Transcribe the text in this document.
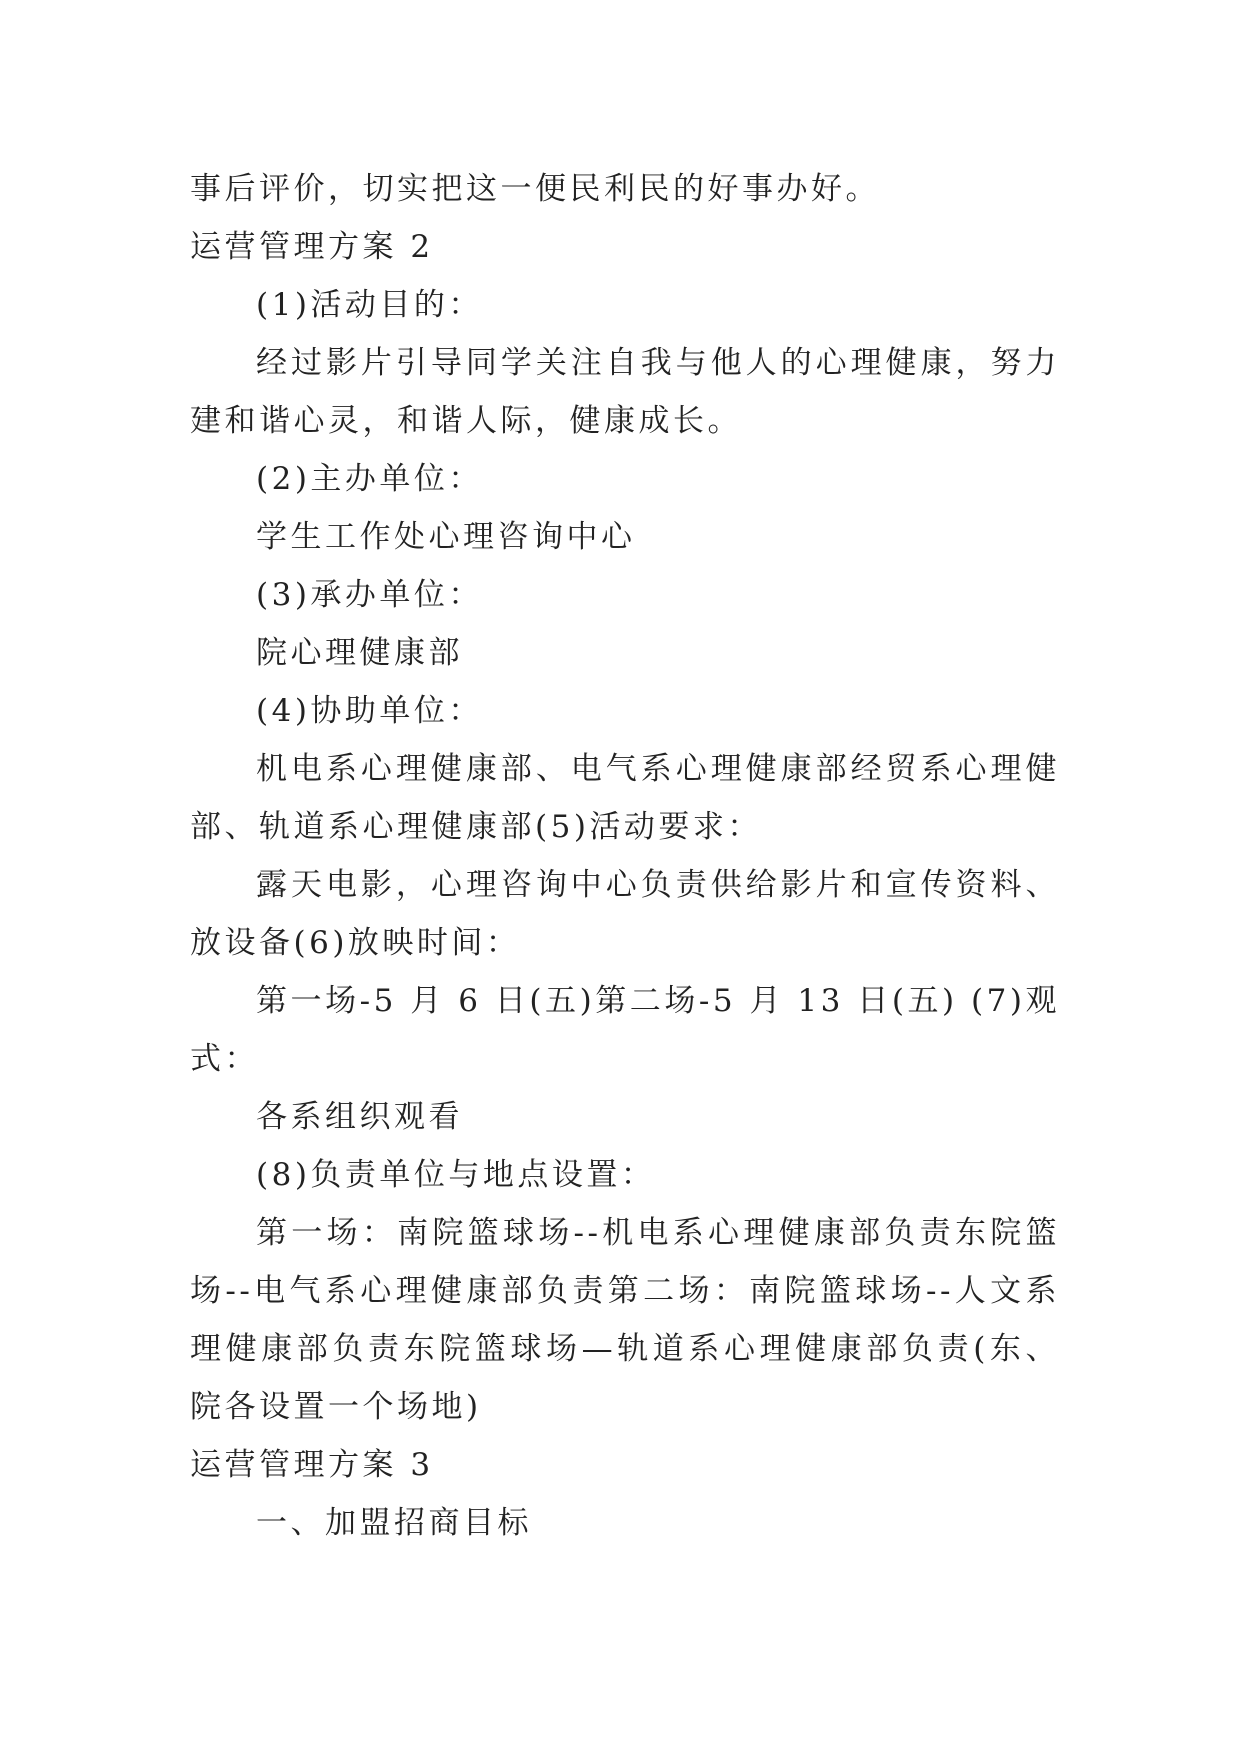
事后评价，切实把这一便民利民的好事办好。

运营管理方案 2

(1)活动目的：

经过影片引导同学关注自我与他人的心理健康，努力

建和谐心灵，和谐人际，健康成长。

(2)主办单位：

学生工作处心理咨询中心

(3)承办单位：

院心理健康部

(4)协助单位：

机电系心理健康部、电气系心理健康部经贸系心理健

部、轨道系心理健康部(5)活动要求：

露天电影，心理咨询中心负责供给影片和宣传资料、

放设备(6)放映时间：

第一场-5 月 6 日(五)第二场-5 月 13 日(五) (7)观

式：

各系组织观看

(8)负责单位与地点设置：

第一场：南院篮球场--机电系心理健康部负责东院篮

场--电气系心理健康部负责第二场：南院篮球场--人文系

理健康部负责东院篮球场—轨道系心理健康部负责(东、

院各设置一个场地)

运营管理方案 3

一、加盟招商目标
